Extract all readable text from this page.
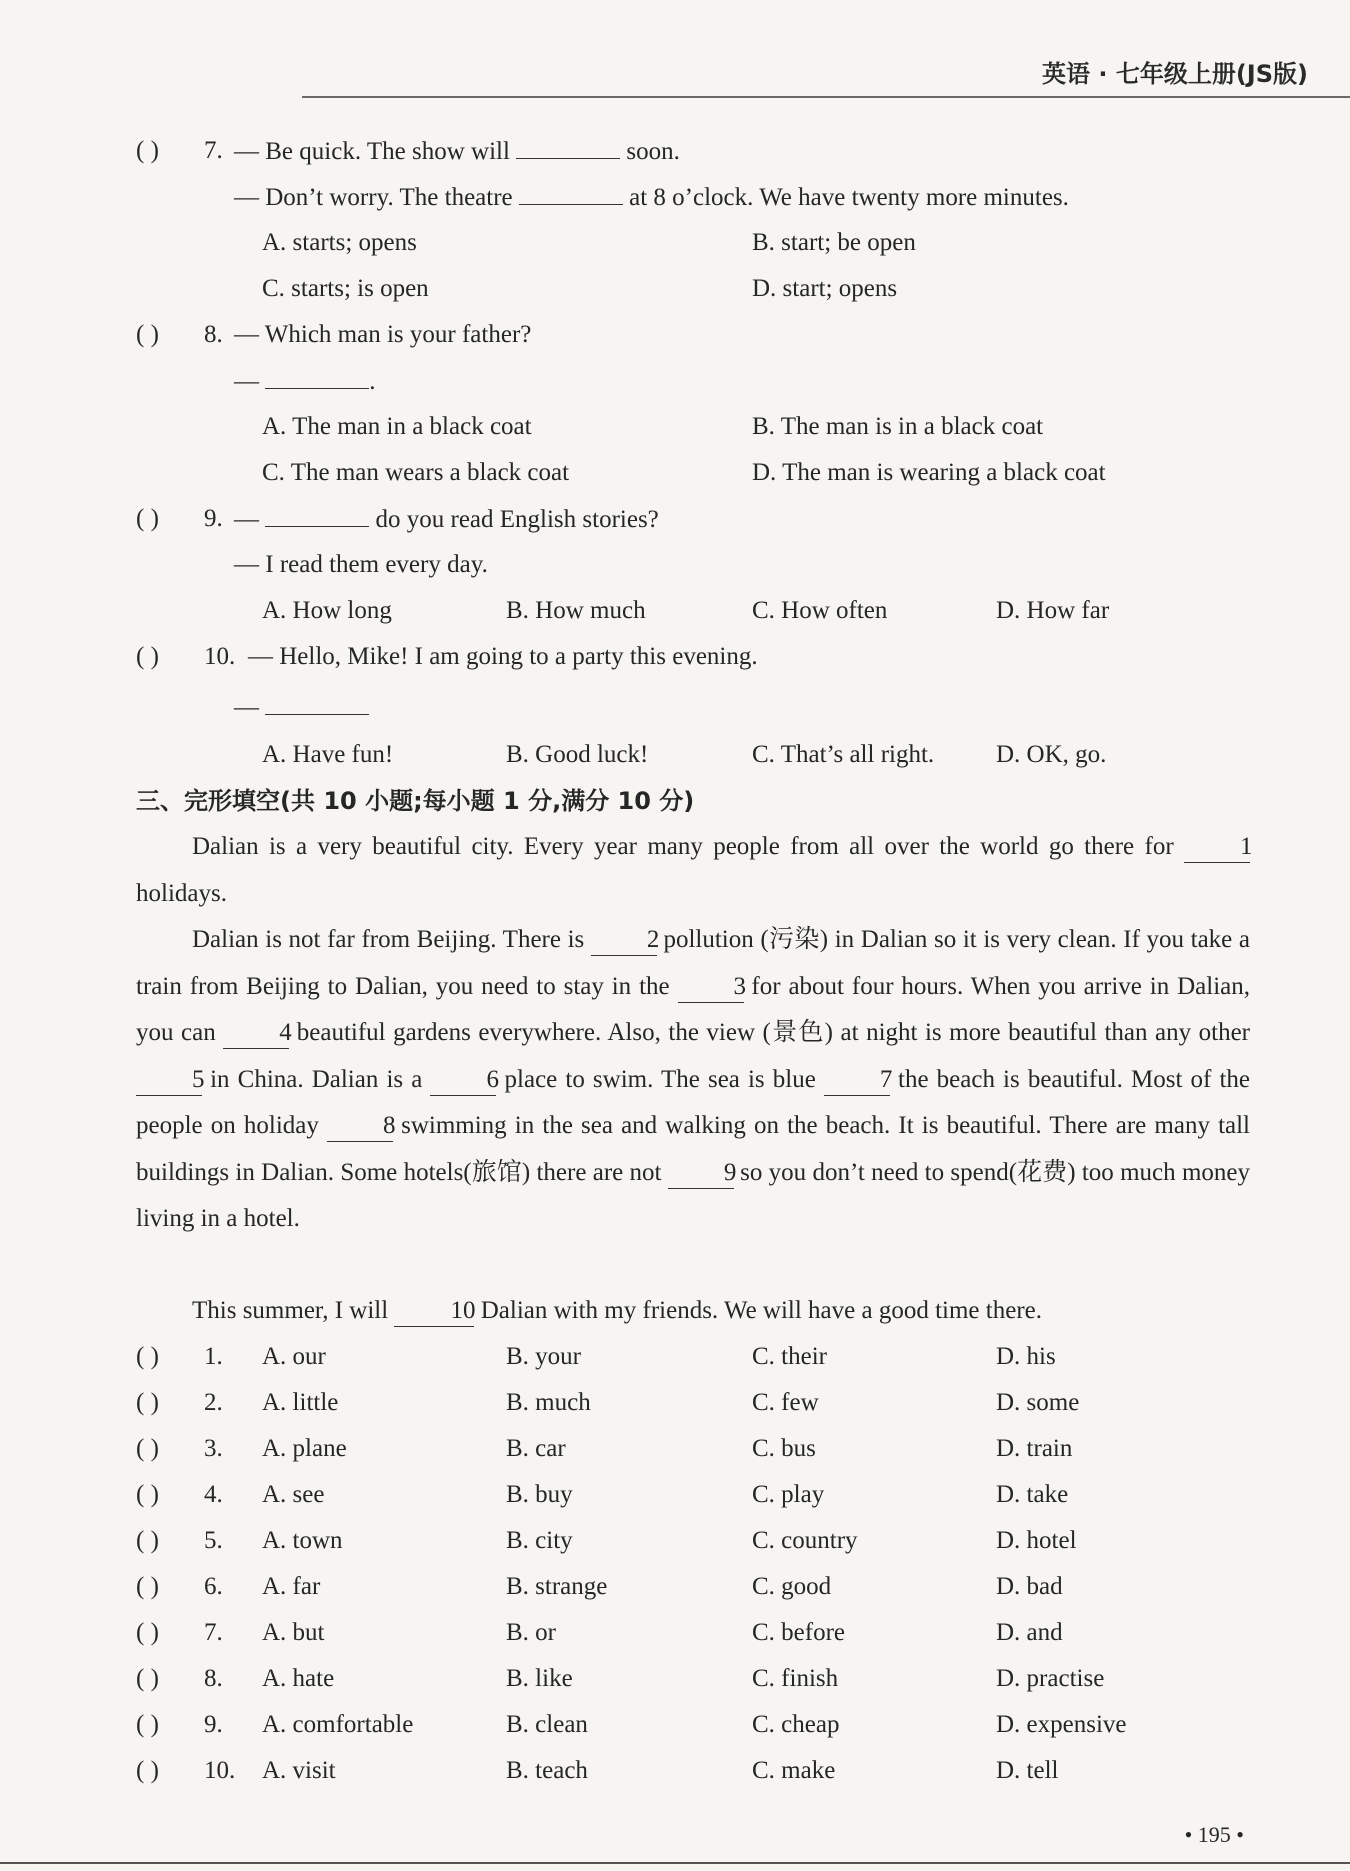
英语 · 七年级上册(JS版)
( ) 7. — Be quick. The show will	soon.
— Don’t worry. The theatre	at 8 o’clock. We have twenty more minutes.
A. starts; opens	B. start; be open
C. starts; is open	D. start; opens
( ) 8. — Which man is your father?
—	.
A. The man in a black coat	B. The man is in a black coat
C. The man wears a black coat	D. The man is wearing a black coat
( ) 9. —	do you read English stories?
— I read them every day.
A. How long	B. How much	C. How often	D. How far
( ) 10. — Hello, Mike! I am going to a party this evening.
—
A. Have fun!	B. Good luck!	C. That’s all right. D. OK, go.
三、完形填空(共 10 小题;每小题 1 分,满分 10 分)
Dalian is a very beautiful city. Every year many people from all over the world go there for 1 holidays.
Dalian is not far from Beijing. There is 2 pollution (污染) in Dalian so it is very clean. If you take a train from Beijing to Dalian, you need to stay in the 3 for about four hours. When you arrive in Dalian, you can 4 beautiful gardens everywhere. Also, the view (景色) at night is more beautiful than any other 5 in China. Dalian is a 6 place to swim. The sea is blue 7 the beach is beautiful. Most of the people on holiday 8 swimming in the sea and walking on the beach. It is beautiful. There are many tall buildings in Dalian. Some hotels(旅馆) there are not 9 so you don’t need to spend(花费) too much money living in a hotel.
This summer, I will 10 Dalian with my friends. We will have a good time there.
( ) 1. A. our	B. your	C. their	D. his
( ) 2. A. little	B. much	C. few	D. some
( ) 3. A. plane	B. car	C. bus	D. train
( ) 4. A. see	B. buy	C. play	D. take
( ) 5. A. town	B. city	C. country	D. hotel
( ) 6. A. far	B. strange	C. good	D. bad
( ) 7. A. but	B. or	C. before	D. and
( ) 8. A. hate	B. like	C. finish	D. practise
( ) 9. A. comfortable	B. clean	C. cheap	D. expensive
( ) 10. A. visit	B. teach	C. make	D. tell
• 195 •
